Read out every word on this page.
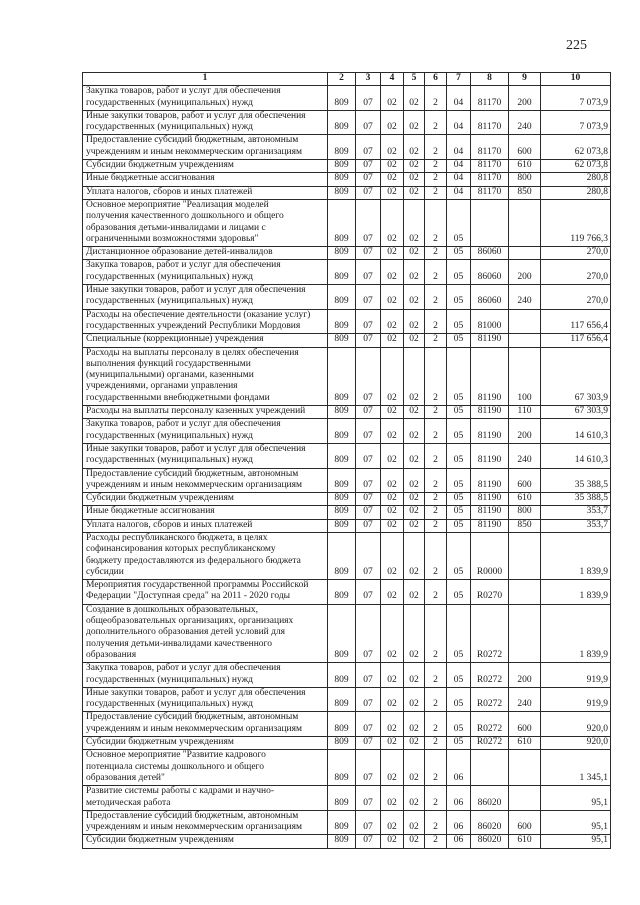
225
1	2	3	4	5	6	7	8	9	10
Закупка товаров, работ и услуг для обеспечения
государственных (муниципальных) нужд	809	07	02	02	2	04	81170	200	7 073,9
Иные закупки товаров, работ и услуг для обеспечения
государственных (муниципальных) нужд	809	07	02	02	2	04	81170	240	7 073,9
Предоставление субсидий бюджетным, автономным
учреждениям и иным некоммерческим организациям	809	07	02	02	2	04	81170	600	62 073,8
Субсидии бюджетным учреждениям	809	07	02	02	2	04	81170	610	62 073,8
Иные бюджетные ассигнования	809	07	02	02	2	04	81170	800	280,8
Уплата налогов, сборов и иных платежей	809	07	02	02	2	04	81170	850	280,8
Основное мероприятие "Реализация моделей
получения качественного дошкольного и общего
образования детьми-инвалидами и лицами с
ограниченными возможностями здоровья"	809	07	02	02	2	05			119 766,3
Дистанционное образование детей-инвалидов	809	07	02	02	2	05	86060		270,0
Закупка товаров, работ и услуг для обеспечения
государственных (муниципальных) нужд	809	07	02	02	2	05	86060	200	270,0
Иные закупки товаров, работ и услуг для обеспечения
государственных (муниципальных) нужд	809	07	02	02	2	05	86060	240	270,0
Расходы на обеспечение деятельности (оказание услуг)
государственных учреждений Республики Мордовия	809	07	02	02	2	05	81000		117 656,4
Специальные (коррекционные) учреждения	809	07	02	02	2	05	81190		117 656,4
Расходы на выплаты персоналу в целях обеспечения
выполнения функций государственными
(муниципальными) органами, казенными
учреждениями, органами управления
государственными внебюджетными фондами	809	07	02	02	2	05	81190	100	67 303,9
Расходы на выплаты персоналу казенных учреждений	809	07	02	02	2	05	81190	110	67 303,9
Закупка товаров, работ и услуг для обеспечения
государственных (муниципальных) нужд	809	07	02	02	2	05	81190	200	14 610,3
Иные закупки товаров, работ и услуг для обеспечения
государственных (муниципальных) нужд	809	07	02	02	2	05	81190	240	14 610,3
Предоставление субсидий бюджетным, автономным
учреждениям и иным некоммерческим организациям	809	07	02	02	2	05	81190	600	35 388,5
Субсидии бюджетным учреждениям	809	07	02	02	2	05	81190	610	35 388,5
Иные бюджетные ассигнования	809	07	02	02	2	05	81190	800	353,7
Уплата налогов, сборов и иных платежей	809	07	02	02	2	05	81190	850	353,7
Расходы республиканского бюджета, в целях
софинансирования которых республиканскому
бюджету предоставляются из федерального бюджета
субсидии	809	07	02	02	2	05	R0000		1 839,9
Мероприятия государственной программы Российской
Федерации "Доступная среда" на 2011 - 2020 годы	809	07	02	02	2	05	R0270		1 839,9
Создание в дошкольных образовательных,
общеобразовательных организациях, организациях
дополнительного образования детей условий для
получения детьми-инвалидами качественного
образования	809	07	02	02	2	05	R0272		1 839,9
Закупка товаров, работ и услуг для обеспечения
государственных (муниципальных) нужд	809	07	02	02	2	05	R0272	200	919,9
Иные закупки товаров, работ и услуг для обеспечения
государственных (муниципальных) нужд	809	07	02	02	2	05	R0272	240	919,9
Предоставление субсидий бюджетным, автономным
учреждениям и иным некоммерческим организациям	809	07	02	02	2	05	R0272	600	920,0
Субсидии бюджетным учреждениям	809	07	02	02	2	05	R0272	610	920,0
Основное мероприятие "Развитие кадрового
потенциала системы дошкольного и общего
образования детей"	809	07	02	02	2	06			1 345,1
Развитие системы работы с кадрами и научно-
методическая работа	809	07	02	02	2	06	86020		95,1
Предоставление субсидий бюджетным, автономным
учреждениям и иным некоммерческим организациям	809	07	02	02	2	06	86020	600	95,1
Субсидии бюджетным учреждениям	809	07	02	02	2	06	86020	610	95,1
